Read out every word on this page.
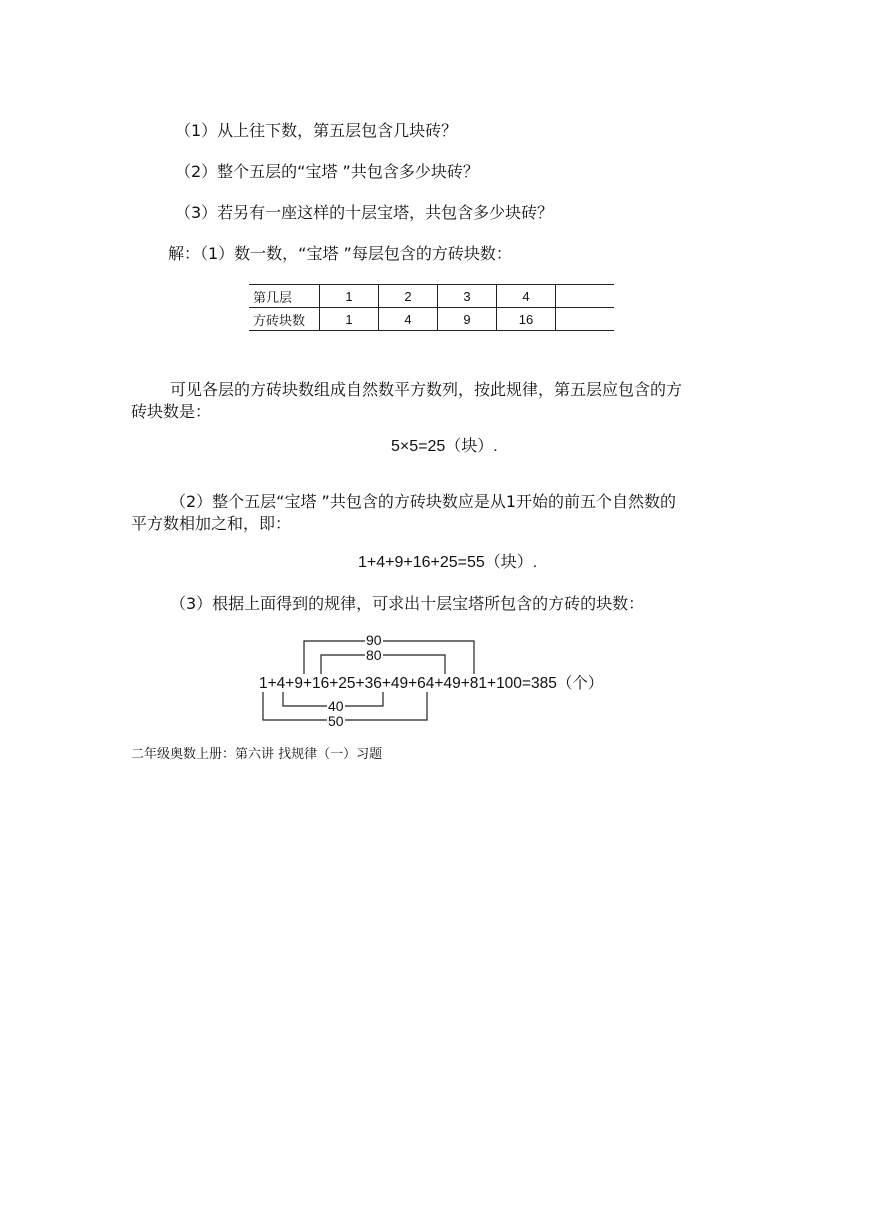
（1）从上往下数，第五层包含几块砖？
（2）整个五层的“宝塔 ”共包含多少块砖？
（3）若另有一座这样的十层宝塔，共包含多少块砖？
解：（1）数一数，“宝塔 ”每层包含的方砖块数：
第几层	1	2	3	4	
方砖块数	1	4	9	16	
可见各层的方砖块数组成自然数平方数列，按此规律，第五层应包含的方
砖块数是：
5×5=25（块）.
（2）整个五层“宝塔 ”共包含的方砖块数应是从1开始的前五个自然数的
平方数相加之和，即：
1+4+9+16+25=55（块）.
（3）根据上面得到的规律，可求出十层宝塔所包含的方砖的块数：
90
80
1+4+9+16+25+36+49+64+49+81+100=385（个）
40
50
二年级奥数上册：第六讲 找规律（一）习题
